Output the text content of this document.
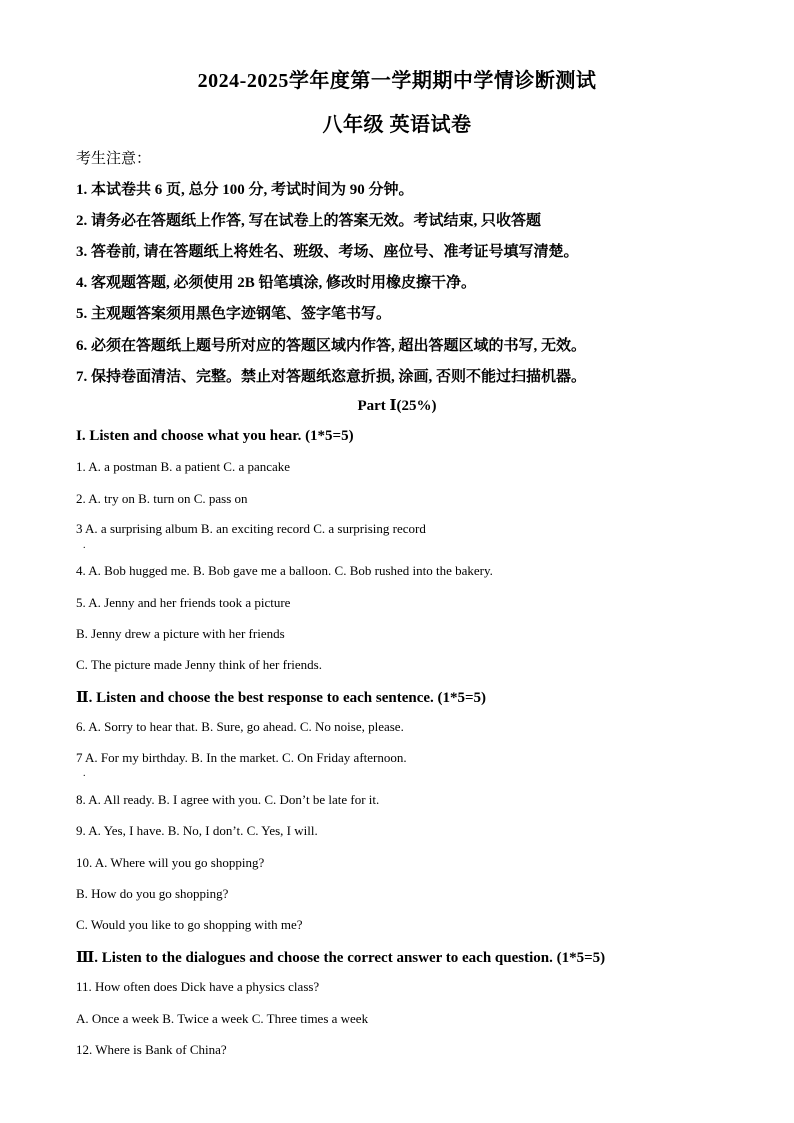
2024-2025学年度第一学期期中学情诊断测试
八年级 英语试卷
考生注意：
1. 本试卷共 6 页, 总分 100 分, 考试时间为 90 分钟。
2. 请务必在答题纸上作答, 写在试卷上的答案无效。考试结束, 只收答题
3. 答卷前, 请在答题纸上将姓名、班级、考场、座位号、准考证号填写清楚。
4. 客观题答题, 必须使用 2B 铅笔填涂, 修改时用橡皮擦干净。
5. 主观题答案须用黑色字迹钢笔、签字笔书写。
6. 必须在答题纸上题号所对应的答题区域内作答, 超出答题区域的书写, 无效。
7. 保持卷面清洁、完整。禁止对答题纸恣意折损, 涂画, 否则不能过扫描机器。
Part Ⅰ(25%)
I. Listen and choose what you hear. (1*5=5)
1. A. a postman B. a patient C. a pancake
2. A. try on B. turn on C. pass on
3 A. a surprising album B. an exciting record C. a surprising record
.
4. A. Bob hugged me. B. Bob gave me a balloon. C. Bob rushed into the bakery.
5. A. Jenny and her friends took a picture
B. Jenny drew a picture with her friends
C. The picture made Jenny think of her friends.
Ⅱ. Listen and choose the best response to each sentence. (1*5=5)
6. A. Sorry to hear that. B. Sure, go ahead. C. No noise, please.
7 A. For my birthday. B. In the market. C. On Friday afternoon.
.
8. A. All ready. B. I agree with you. C. Don’t be late for it.
9. A. Yes, I have. B. No, I don’t. C. Yes, I will.
10. A. Where will you go shopping?
B. How do you go shopping?
C. Would you like to go shopping with me?
Ⅲ. Listen to the dialogues and choose the correct answer to each question. (1*5=5)
11. How often does Dick have a physics class?
A. Once a week B. Twice a week C. Three times a week
12. Where is Bank of China?
